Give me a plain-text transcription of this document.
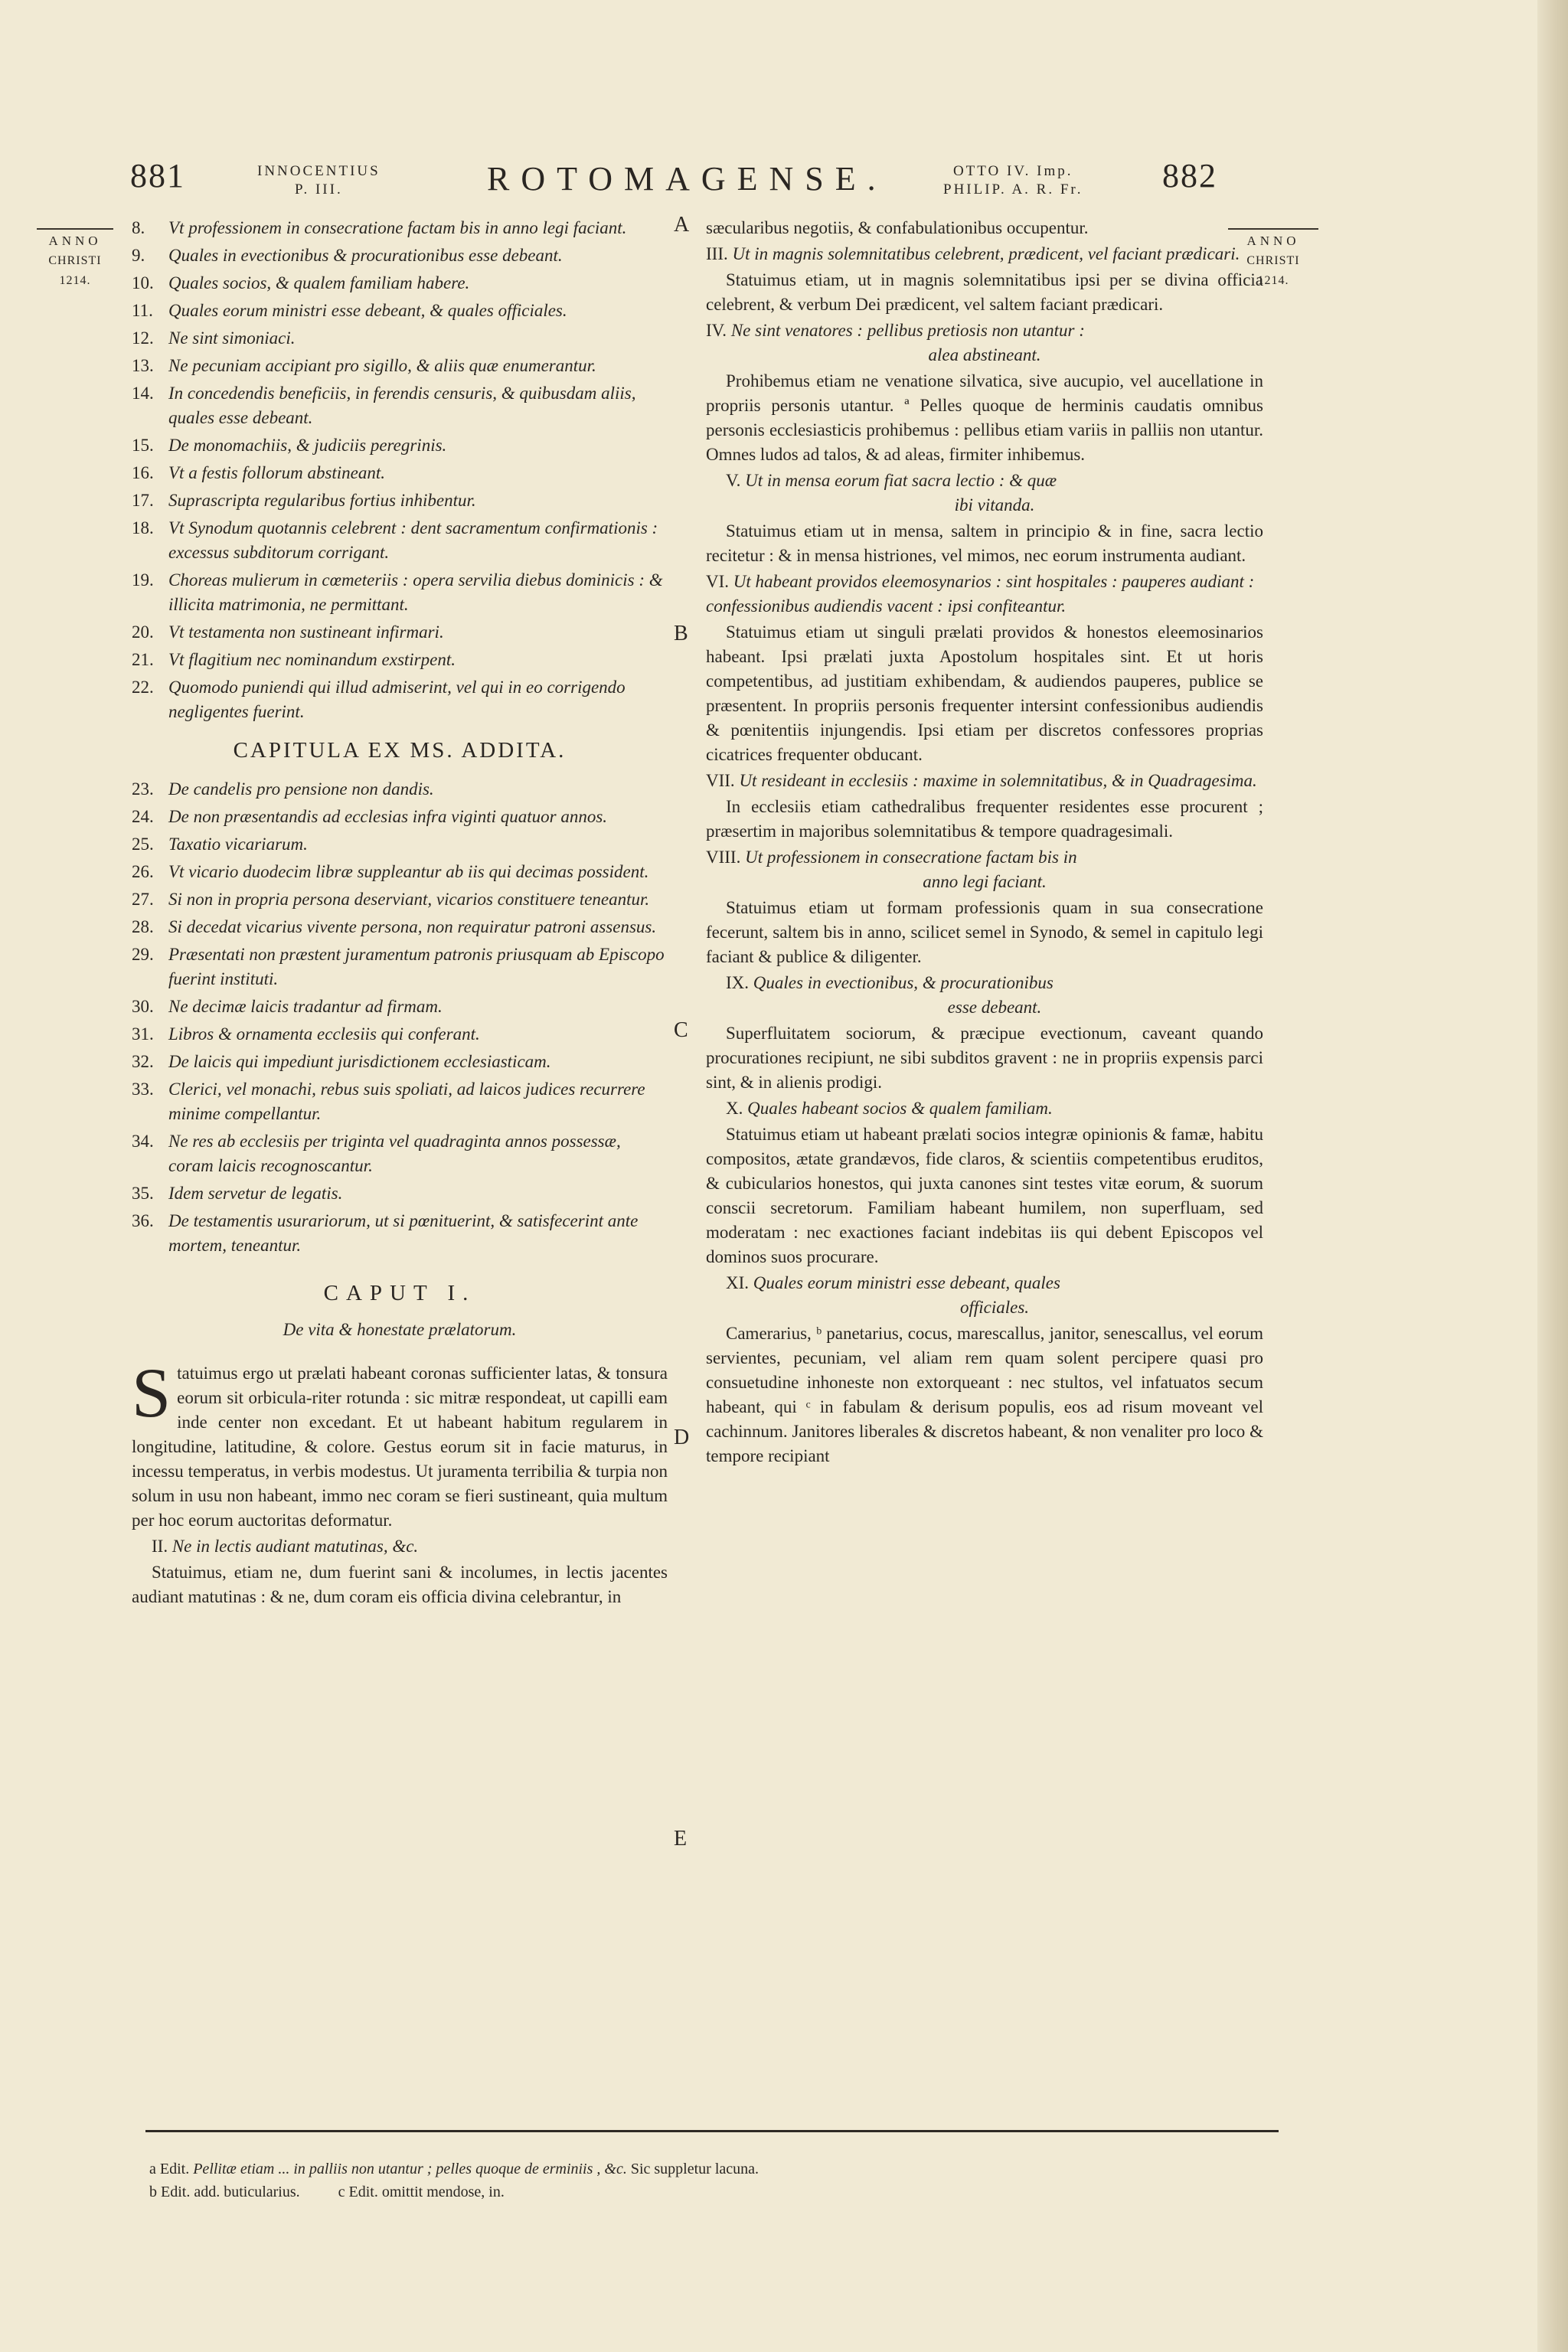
881	INNOCENTIUS
P. III.	ROTOMAGENSE.	OTTO IV. Imp.
PHILIP. A. R. Fr. 882
ANNO
CHRISTI
1214.
ANNO
CHRISTI
1214.
A
B
C
D
E
8. Vt professionem in consecratione factam bis in anno legi faciant.
9. Quales in evectionibus & procurationibus esse debeant.
10. Quales socios, & qualem familiam habere.
11. Quales eorum ministri esse debeant, & quales officiales.
12. Ne sint simoniaci.
13. Ne pecuniam accipiant pro sigillo, & aliis quæ enumerantur.
14. In concedendis beneficiis, in ferendis censuris, & quibusdam aliis, quales esse debeant.
15. De monomachiis, & judiciis peregrinis.
16. Vt a festis follorum abstineant.
17. Suprascripta regularibus fortius inhibentur.
18. Vt Synodum quotannis celebrent : dent sacramentum confirmationis : excessus subditorum corrigant.
19. Choreas mulierum in cœmeteriis : opera servilia diebus dominicis : & illicita matrimonia, ne permittant.
20. Vt testamenta non sustineant infirmari.
21. Vt flagitium nec nominandum exstirpent.
22. Quomodo puniendi qui illud admiserint, vel qui in eo corrigendo negligentes fuerint.
CAPITULA EX MS. ADDITA.
23. De candelis pro pensione non dandis.
24. De non præsentandis ad ecclesias infra viginti quatuor annos.
25. Taxatio vicariarum.
26. Vt vicario duodecim libræ suppleantur ab iis qui decimas possident.
27. Si non in propria persona deserviant, vicarios constituere teneantur.
28. Si decedat vicarius vivente persona, non requiratur patroni assensus.
29. Præsentati non præstent juramentum patronis priusquam ab Episcopo fuerint instituti.
30. Ne decimæ laicis tradantur ad firmam.
31. Libros & ornamenta ecclesiis qui conferant.
32. De laicis qui impediunt jurisdictionem ecclesiasticam.
33. Clerici, vel monachi, rebus suis spoliati, ad laicos judices recurrere minime compellantur.
34. Ne res ab ecclesiis per triginta vel quadraginta annos possessæ, coram laicis recognoscantur.
35. Idem servetur de legatis.
36. De testamentis usurariorum, ut si pœnituerint, & satisfecerint ante mortem, teneantur.
CAPUT I.
De vita & honestate prælatorum.

Statuimus ergo ut prælati habeant coronas sufficienter latas, & tonsura eorum sit orbicula-riter rotunda : sic mitræ respondeat, ut capilli eam inde center non excedant. Et ut habeant habitum regularem in longitudine, latitudine, & colore. Gestus eorum sit in facie maturus, in incessu temperatus, in verbis modestus. Ut juramenta terribilia & turpia non solum in usu non habeant, immo nec coram se fieri sustineant, quia multum per hoc eorum auctoritas deformatur.

II. Ne in lectis audiant matutinas, &c.

Statuimus, etiam ne, dum fuerint sani & incolumes, in lectis jacentes audiant matutinas : & ne, dum coram eis officia divina celebrantur, in

sæcularibus negotiis, & confabulationibus occupentur.

III. Ut in magnis solemnitatibus celebrent, prædicent, vel faciant prædicari.

Statuimus etiam, ut in magnis solemnitatibus ipsi per se divina officia celebrent, & verbum Dei prædicent, vel saltem faciant prædicari.

IV. Ne sint venatores : pellibus pretiosis non utantur :
alea abstineant.

Prohibemus etiam ne venatione silvatica, sive aucupio, vel aucellatione in propriis personis utantur. ª Pelles quoque de herminis caudatis omnibus personis ecclesiasticis prohibemus : pellibus etiam variis in palliis non utantur. Omnes ludos ad talos, & ad aleas, firmiter inhibemus.

V. Ut in mensa eorum fiat sacra lectio : & quæ
ibi vitanda.

Statuimus etiam ut in mensa, saltem in principio & in fine, sacra lectio recitetur : & in mensa histriones, vel mimos, nec eorum instrumenta audiant.

VI. Ut habeant providos eleemosynarios : sint hospitales : pauperes audiant : confessionibus audiendis vacent : ipsi confiteantur.

Statuimus etiam ut singuli prælati providos & honestos eleemosinarios habeant. Ipsi prælati juxta Apostolum hospitales sint. Et ut horis competentibus, ad justitiam exhibendam, & audiendos pauperes, publice se præsentent. In propriis personis frequenter intersint confessionibus audiendis & pœnitentiis injungendis. Ipsi etiam per discretos confessores proprias cicatrices frequenter obducant.

VII. Ut resideant in ecclesiis : maxime in solemnitatibus, & in Quadragesima.

In ecclesiis etiam cathedralibus frequenter residentes esse procurent ; præsertim in majoribus solemnitatibus & tempore quadragesimali.

VIII. Ut professionem in consecratione factam bis in
anno legi faciant.

Statuimus etiam ut formam professionis quam in sua consecratione fecerunt, saltem bis in anno, scilicet semel in Synodo, & semel in capitulo legi faciant & publice & diligenter.

IX. Quales in evectionibus, & procurationibus
esse debeant.

Superfluitatem sociorum, & præcipue evectionum, caveant quando procurationes recipiunt, ne sibi subditos gravent : ne in propriis expensis parci sint, & in alienis prodigi.

X. Quales habeant socios & qualem familiam.

Statuimus etiam ut habeant prælati socios integræ opinionis & famæ, habitu compositos, ætate grandævos, fide claros, & scientiis competentibus eruditos, & cubicularios honestos, qui juxta canones sint testes vitæ eorum, & suorum conscii secretorum. Familiam habeant humilem, non superfluam, sed moderatam : nec exactiones faciant indebitas iis qui debent Episcopos vel dominos suos procurare.

XI. Quales eorum ministri esse debeant, quales
officiales.

Camerarius, ᵇ panetarius, cocus, marescallus, janitor, senescallus, vel eorum servientes, pecuniam, vel aliam rem quam solent percipere quasi pro consuetudine inhoneste non extorqueant : nec stultos, vel infatuatos secum habeant, qui ᶜ in fabulam & derisum populis, eos ad risum moveant vel cachinnum. Janitores liberales & discretos habeant, & non venaliter pro loco & tempore recipiant

a Edit. Pellitæ etiam ... in palliis non utantur ; pelles quoque de erminiis , &c. Sic suppletur lacuna.
b Edit. add. buticularius.	c Edit. omittit mendose, in.
